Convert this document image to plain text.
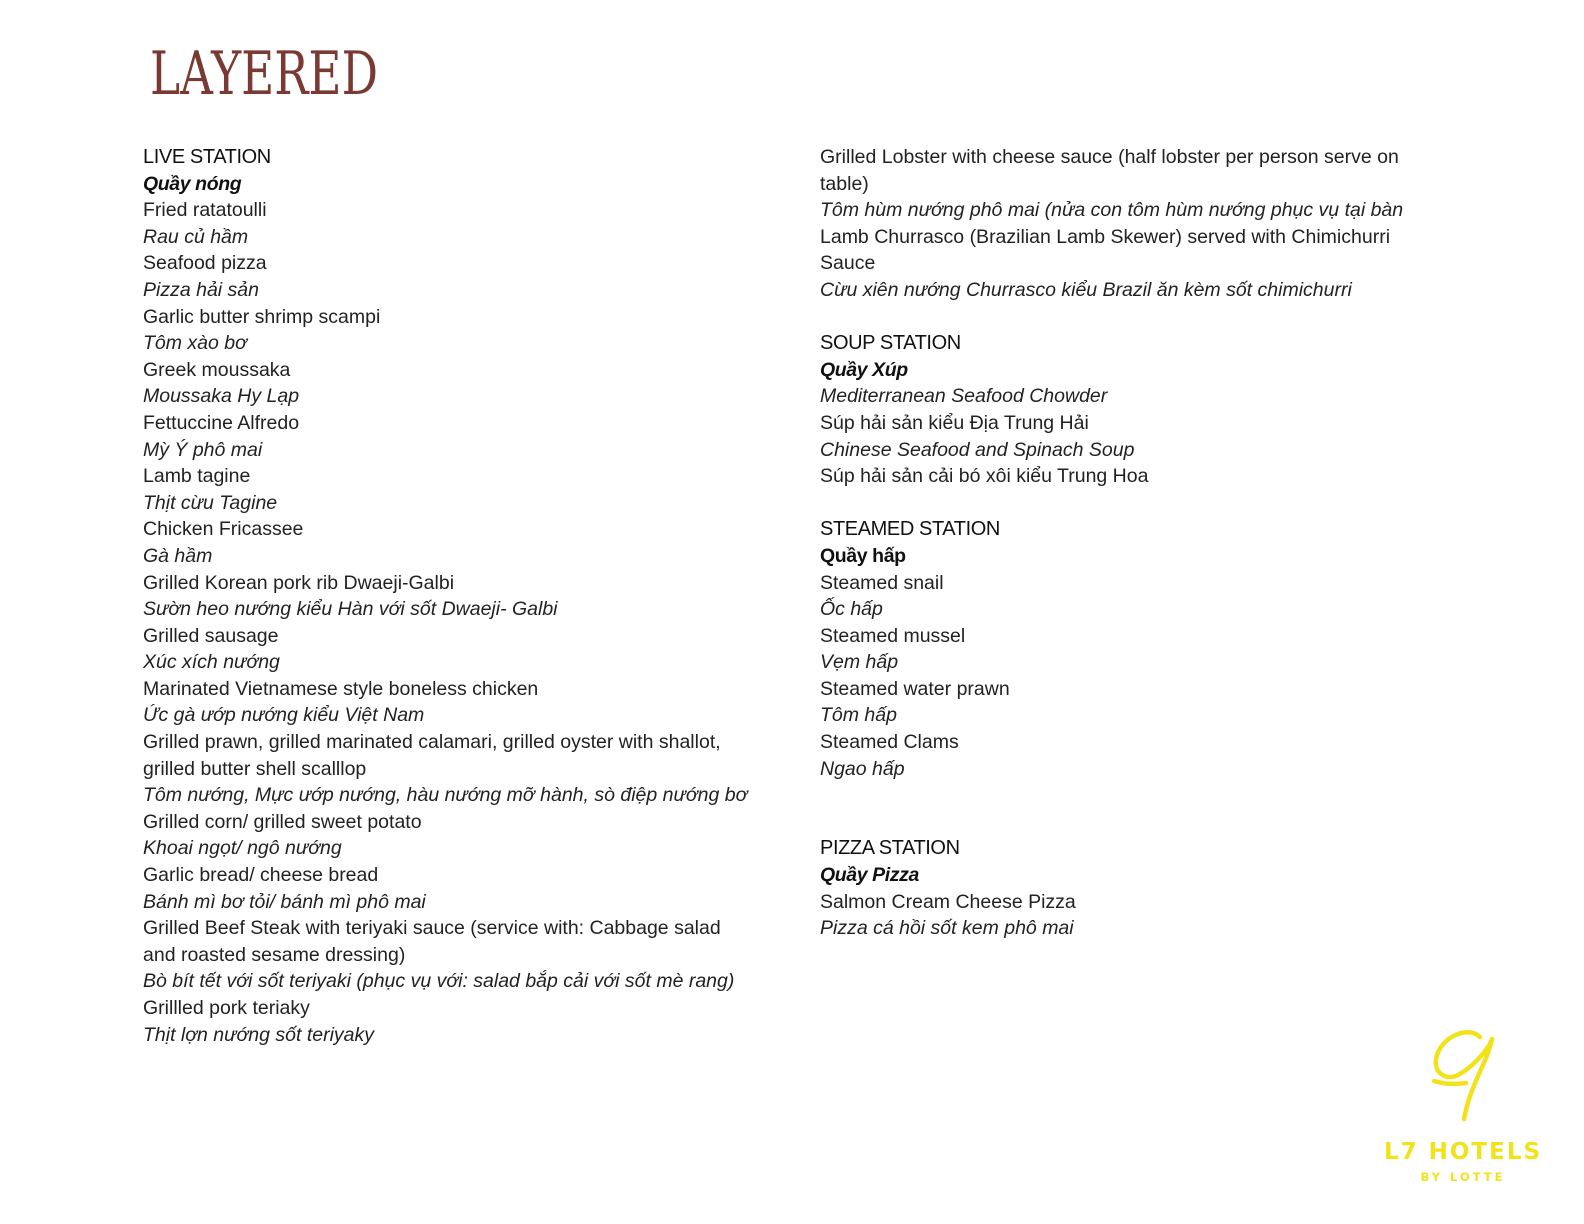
LAYERED
LIVE STATION
Quầy nóng
Fried ratatoulli
Rau củ hầm
Seafood pizza
Pizza hải sản
Garlic butter shrimp scampi
Tôm xào bơ
Greek moussaka
Moussaka Hy Lạp
Fettuccine Alfredo
Mỳ Ý phô mai
Lamb tagine
Thịt cừu Tagine
Chicken Fricassee
Gà hầm
Grilled Korean pork rib Dwaeji-Galbi
Sườn heo nướng kiểu Hàn với sốt Dwaeji- Galbi
Grilled sausage
Xúc xích nướng
Marinated Vietnamese style boneless chicken
Ức gà ướp nướng kiểu Việt Nam
Grilled prawn, grilled marinated calamari, grilled oyster with shallot,
grilled butter shell scalllop
Tôm nướng, Mực ướp nướng, hàu nướng mỡ hành, sò điệp nướng bơ
Grilled corn/ grilled sweet potato
Khoai ngọt/ ngô nướng
Garlic bread/ cheese bread
Bánh mì bơ tỏi/ bánh mì phô mai
Grilled Beef Steak with teriyaki sauce (service with: Cabbage salad
and roasted sesame dressing)
Bò bít tết với sốt teriyaki (phục vụ với: salad bắp cải với sốt mè rang)
Grillled pork teriaky
Thịt lợn nướng sốt teriyaky
Grilled Lobster with cheese sauce (half lobster per person serve on
table)
Tôm hùm nướng phô mai (nửa con tôm hùm nướng phục vụ tại bàn
Lamb Churrasco (Brazilian Lamb Skewer) served with Chimichurri
Sauce
Cừu xiên nướng Churrasco kiểu Brazil ăn kèm sốt chimichurri
SOUP STATION
Quầy Xúp
Mediterranean Seafood Chowder
Súp hải sản kiểu Địa Trung Hải
Chinese Seafood and Spinach Soup
Súp hải sản cải bó xôi kiểu Trung Hoa
STEAMED STATION
Quầy hấp
Steamed snail
Ốc hấp
Steamed mussel
Vẹm hấp
Steamed water prawn
Tôm hấp
Steamed Clams
Ngao hấp
PIZZA STATION
Quầy Pizza
Salmon Cream Cheese Pizza
Pizza cá hồi sốt kem phô mai
L7 HOTELS
BY LOTTE
